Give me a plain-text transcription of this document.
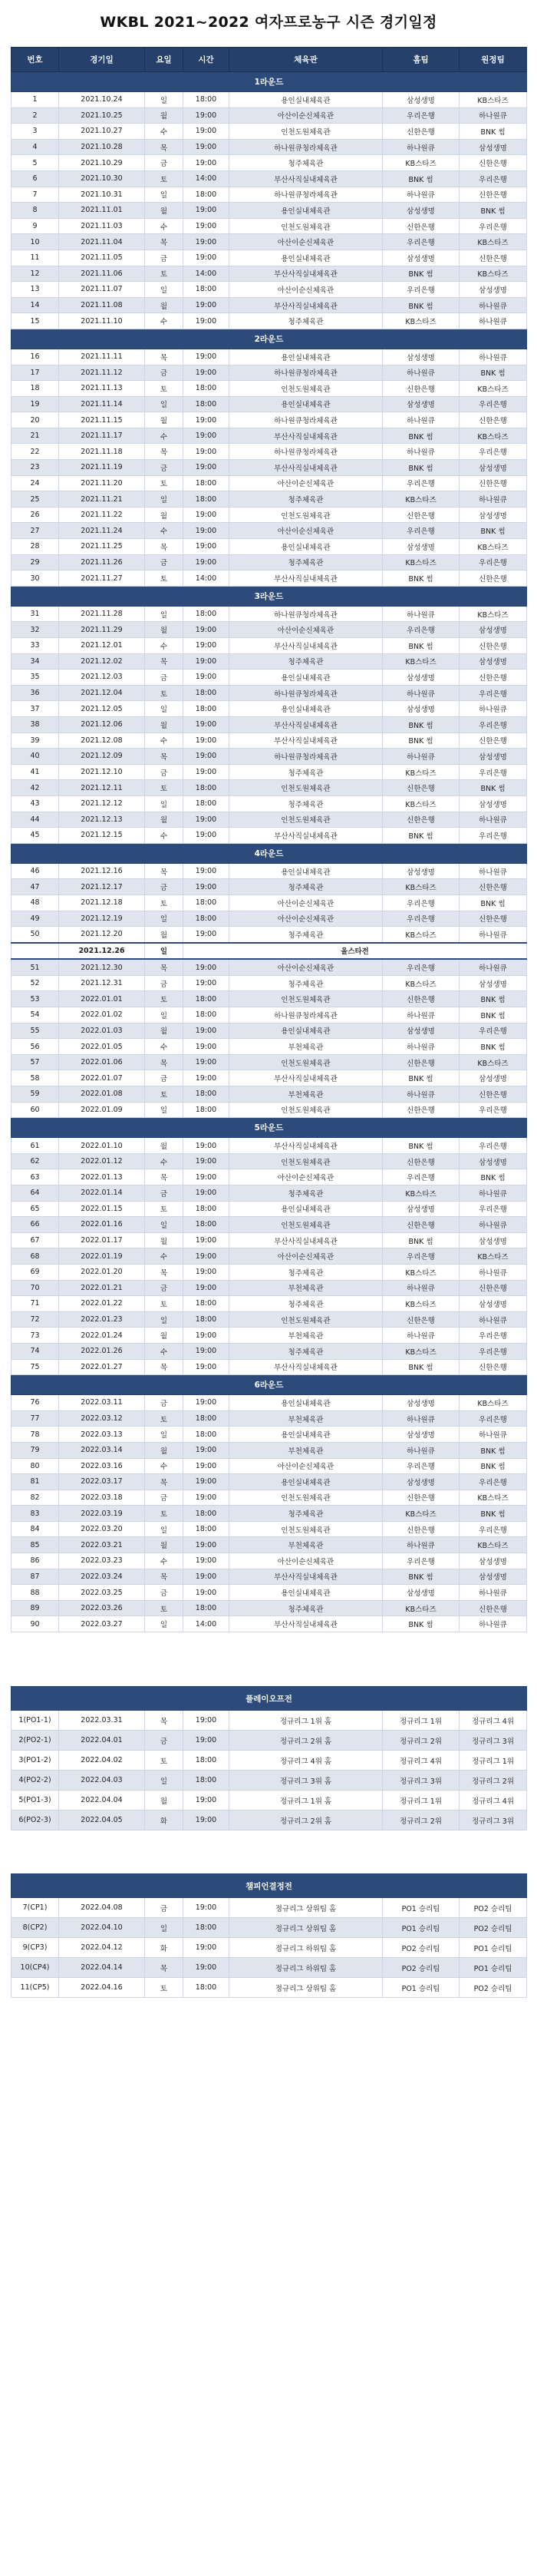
WKBL 2021~2022 여자프로농구 시즌 경기일정
번호	경기일	요일	시간	체육관	홈팀	원정팀
1라운드						
1	2021.10.24	일	18:00	용인실내체육관	삼성생명	KB스타즈
2	2021.10.25	월	19:00	아산이순신체육관	우리은행	하나원큐
3	2021.10.27	수	19:00	인천도원체육관	신한은행	BNK 썸
4	2021.10.28	목	19:00	하나원큐청라체육관	하나원큐	삼성생명
5	2021.10.29	금	19:00	청주체육관	KB스타즈	신한은행
6	2021.10.30	토	14:00	부산사직실내체육관	BNK 썸	우리은행
7	2021.10.31	일	18:00	하나원큐청라체육관	하나원큐	신한은행
8	2021.11.01	월	19:00	용인실내체육관	삼성생명	BNK 썸
9	2021.11.03	수	19:00	인천도원체육관	신한은행	우리은행
10	2021.11.04	목	19:00	아산이순신체육관	우리은행	KB스타즈
11	2021.11.05	금	19:00	용인실내체육관	삼성생명	신한은행
12	2021.11.06	토	14:00	부산사직실내체육관	BNK 썸	KB스타즈
13	2021.11.07	일	18:00	아산이순신체육관	우리은행	삼성생명
14	2021.11.08	월	19:00	부산사직실내체육관	BNK 썸	하나원큐
15	2021.11.10	수	19:00	청주체육관	KB스타즈	하나원큐
2라운드						
16	2021.11.11	목	19:00	용인실내체육관	삼성생명	하나원큐
17	2021.11.12	금	19:00	하나원큐청라체육관	하나원큐	BNK 썸
18	2021.11.13	토	18:00	인천도원체육관	신한은행	KB스타즈
19	2021.11.14	일	18:00	용인실내체육관	삼성생명	우리은행
20	2021.11.15	월	19:00	하나원큐청라체육관	하나원큐	신한은행
21	2021.11.17	수	19:00	부산사직실내체육관	BNK 썸	KB스타즈
22	2021.11.18	목	19:00	하나원큐청라체육관	하나원큐	우리은행
23	2021.11.19	금	19:00	부산사직실내체육관	BNK 썸	삼성생명
24	2021.11.20	토	18:00	아산이순신체육관	우리은행	신한은행
25	2021.11.21	일	18:00	청주체육관	KB스타즈	하나원큐
26	2021.11.22	월	19:00	인천도원체육관	신한은행	삼성생명
27	2021.11.24	수	19:00	아산이순신체육관	우리은행	BNK 썸
28	2021.11.25	목	19:00	용인실내체육관	삼성생명	KB스타즈
29	2021.11.26	금	19:00	청주체육관	KB스타즈	우리은행
30	2021.11.27	토	14:00	부산사직실내체육관	BNK 썸	신한은행
3라운드						
31	2021.11.28	일	18:00	하나원큐청라체육관	하나원큐	KB스타즈
32	2021.11.29	월	19:00	아산이순신체육관	우리은행	삼성생명
33	2021.12.01	수	19:00	부산사직실내체육관	BNK 썸	신한은행
34	2021.12.02	목	19:00	청주체육관	KB스타즈	삼성생명
35	2021.12.03	금	19:00	용인실내체육관	삼성생명	신한은행
36	2021.12.04	토	18:00	하나원큐청라체육관	하나원큐	우리은행
37	2021.12.05	일	18:00	용인실내체육관	삼성생명	하나원큐
38	2021.12.06	월	19:00	부산사직실내체육관	BNK 썸	우리은행
39	2021.12.08	수	19:00	부산사직실내체육관	BNK 썸	신한은행
40	2021.12.09	목	19:00	하나원큐청라체육관	하나원큐	삼성생명
41	2021.12.10	금	19:00	청주체육관	KB스타즈	우리은행
42	2021.12.11	토	18:00	인천도원체육관	신한은행	BNK 썸
43	2021.12.12	일	18:00	청주체육관	KB스타즈	삼성생명
44	2021.12.13	월	19:00	인천도원체육관	신한은행	하나원큐
45	2021.12.15	수	19:00	부산사직실내체육관	BNK 썸	우리은행
4라운드						
46	2021.12.16	목	19:00	용인실내체육관	삼성생명	하나원큐
47	2021.12.17	금	19:00	청주체육관	KB스타즈	신한은행
48	2021.12.18	토	18:00	아산이순신체육관	우리은행	BNK 썸
49	2021.12.19	일	18:00	아산이순신체육관	우리은행	신한은행
50	2021.12.20	월	19:00	청주체육관	KB스타즈	하나원큐
	2021.12.26	일	올스타전			
51	2021.12.30	목	19:00	아산이순신체육관	우리은행	하나원큐
52	2021.12.31	금	19:00	청주체육관	KB스타즈	삼성생명
53	2022.01.01	토	18:00	인천도원체육관	신한은행	BNK 썸
54	2022.01.02	일	18:00	하나원큐청라체육관	하나원큐	BNK 썸
55	2022.01.03	월	19:00	용인실내체육관	삼성생명	우리은행
56	2022.01.05	수	19:00	부천체육관	하나원큐	BNK 썸
57	2022.01.06	목	19:00	인천도원체육관	신한은행	KB스타즈
58	2022.01.07	금	19:00	부산사직실내체육관	BNK 썸	삼성생명
59	2022.01.08	토	18:00	부천체육관	하나원큐	신한은행
60	2022.01.09	일	18:00	인천도원체육관	신한은행	우리은행
5라운드						
61	2022.01.10	월	19:00	부산사직실내체육관	BNK 썸	우리은행
62	2022.01.12	수	19:00	인천도원체육관	신한은행	삼성생명
63	2022.01.13	목	19:00	아산이순신체육관	우리은행	BNK 썸
64	2022.01.14	금	19:00	청주체육관	KB스타즈	하나원큐
65	2022.01.15	토	18:00	용인실내체육관	삼성생명	우리은행
66	2022.01.16	일	18:00	인천도원체육관	신한은행	하나원큐
67	2022.01.17	월	19:00	부산사직실내체육관	BNK 썸	삼성생명
68	2022.01.19	수	19:00	아산이순신체육관	우리은행	KB스타즈
69	2022.01.20	목	19:00	청주체육관	KB스타즈	하나원큐
70	2022.01.21	금	19:00	부천체육관	하나원큐	신한은행
71	2022.01.22	토	18:00	청주체육관	KB스타즈	삼성생명
72	2022.01.23	일	18:00	인천도원체육관	신한은행	하나원큐
73	2022.01.24	월	19:00	부천체육관	하나원큐	우리은행
74	2022.01.26	수	19:00	청주체육관	KB스타즈	우리은행
75	2022.01.27	목	19:00	부산사직실내체육관	BNK 썸	신한은행
6라운드						
76	2022.03.11	금	19:00	용인실내체육관	삼성생명	KB스타즈
77	2022.03.12	토	18:00	부천체육관	하나원큐	우리은행
78	2022.03.13	일	18:00	용인실내체육관	삼성생명	하나원큐
79	2022.03.14	월	19:00	부천체육관	하나원큐	BNK 썸
80	2022.03.16	수	19:00	아산이순신체육관	우리은행	BNK 썸
81	2022.03.17	목	19:00	용인실내체육관	삼성생명	우리은행
82	2022.03.18	금	19:00	인천도원체육관	신한은행	KB스타즈
83	2022.03.19	토	18:00	청주체육관	KB스타즈	BNK 썸
84	2022.03.20	일	18:00	인천도원체육관	신한은행	우리은행
85	2022.03.21	월	19:00	부천체육관	하나원큐	KB스타즈
86	2022.03.23	수	19:00	아산이순신체육관	우리은행	삼성생명
87	2022.03.24	목	19:00	부산사직실내체육관	BNK 썸	삼성생명
88	2022.03.25	금	19:00	용인실내체육관	삼성생명	하나원큐
89	2022.03.26	토	18:00	청주체육관	KB스타즈	신한은행
90	2022.03.27	일	14:00	부산사직실내체육관	BNK 썸	하나원큐
플레이오프전						
1(PO1-1)	2022.03.31	목	19:00	정규리그 1위 홈	정규리그 1위	정규리그 4위
2(PO2-1)	2022.04.01	금	19:00	정규리그 2위 홈	정규리그 2위	정규리그 3위
3(PO1-2)	2022.04.02	토	18:00	정규리그 4위 홈	정규리그 4위	정규리그 1위
4(PO2-2)	2022.04.03	일	18:00	정규리그 3위 홈	정규리그 3위	정규리그 2위
5(PO1-3)	2022.04.04	월	19:00	정규리그 1위 홈	정규리그 1위	정규리그 4위
6(PO2-3)	2022.04.05	화	19:00	정규리그 2위 홈	정규리그 2위	정규리그 3위
챔피언결정전						
7(CP1)	2022.04.08	금	19:00	정규리그 상위팀 홈	PO1 승리팀	PO2 승리팀
8(CP2)	2022.04.10	일	18:00	정규리그 상위팀 홈	PO1 승리팀	PO2 승리팀
9(CP3)	2022.04.12	화	19:00	정규리그 하위팀 홈	PO2 승리팀	PO1 승리팀
10(CP4)	2022.04.14	목	19:00	정규리그 하위팀 홈	PO2 승리팀	PO1 승리팀
11(CP5)	2022.04.16	토	18:00	정규리그 상위팀 홈	PO1 승리팀	PO2 승리팀
